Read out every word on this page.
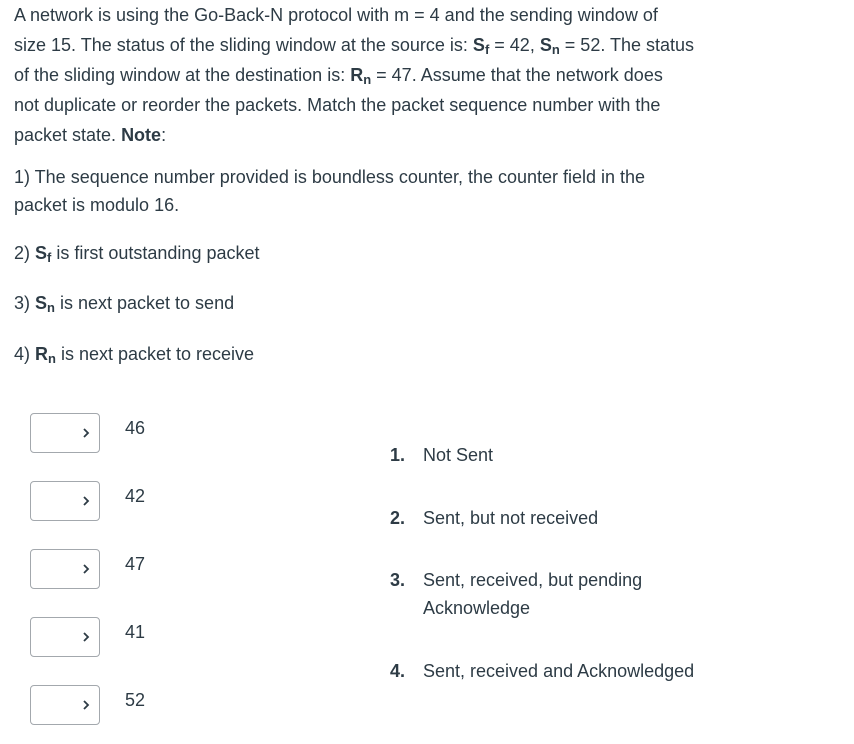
A network is using the Go-Back-N protocol with m = 4 and the sending window of
size 15. The status of the sliding window at the source is: $S_f = 42$, $S_n = 52$. The status
of the sliding window at the destination is: $R_n = 47$. Assume that the network does
not duplicate or reorder the packets. Match the packet sequence number with the
packet state. Note:

1) The sequence number provided is boundless counter, the counter field in the
packet is modulo 16.

2) $S_f$ is first outstanding packet

3) $S_n$ is next packet to send

4) $R_n$ is next packet to receive

46
42
47
41
52
1. Not Sent
2. Sent, but not received
3. Sent, received, but pending
Acknowledge
4. Sent, received and Acknowledged
